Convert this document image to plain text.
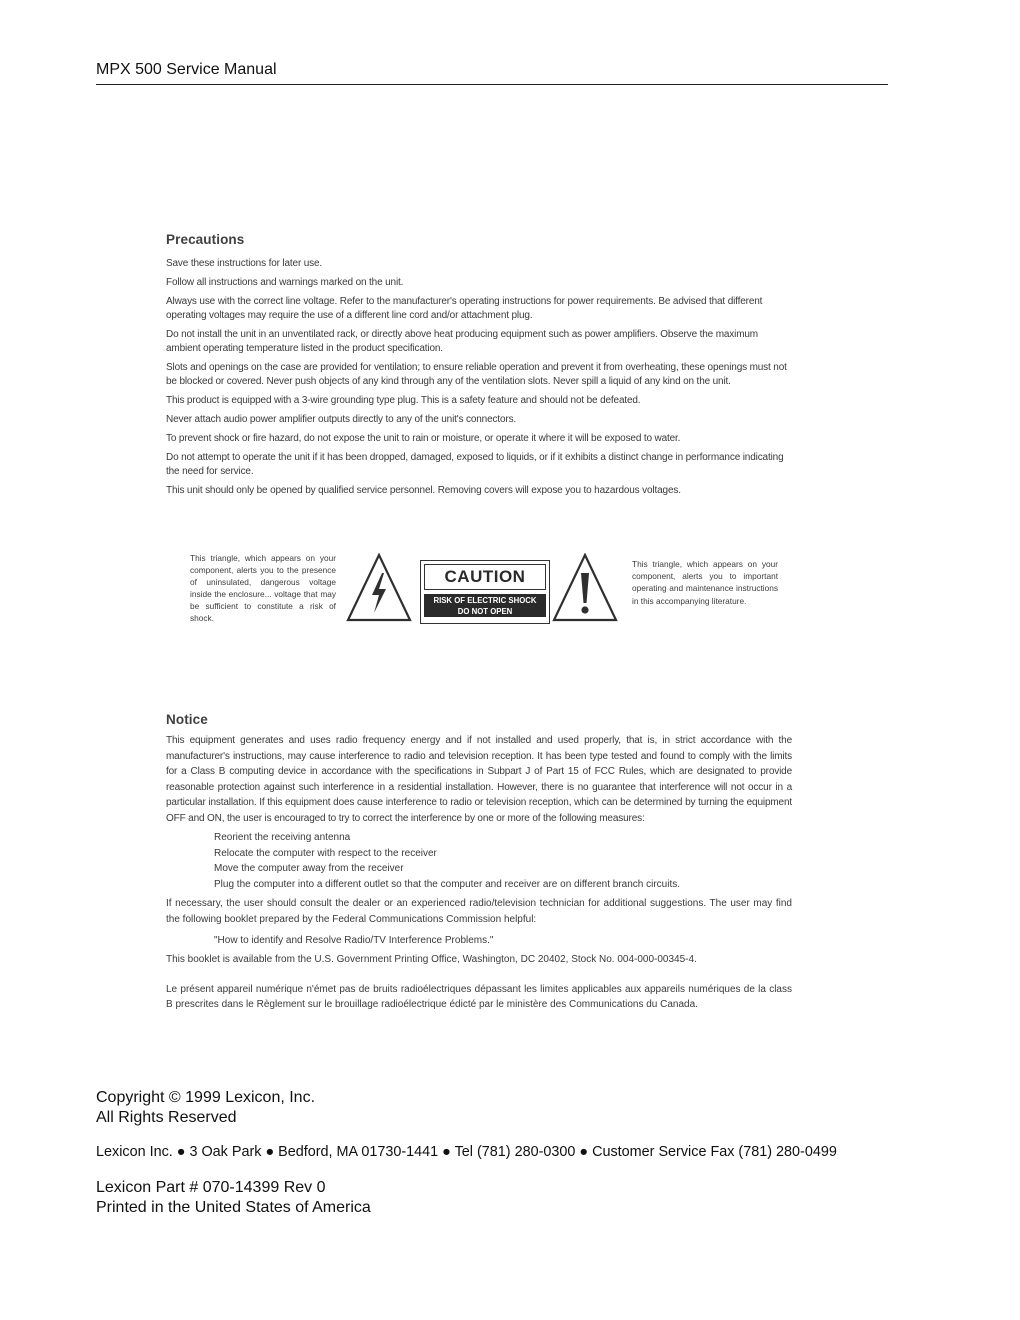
MPX 500 Service Manual
Precautions

Save these instructions for later use.

Follow all instructions and warnings marked on the unit.

Always use with the correct line voltage. Refer to the manufacturer's operating instructions for power requirements. Be advised that different operating voltages may require the use of a different line cord and/or attachment plug.

Do not install the unit in an unventilated rack, or directly above heat producing equipment such as power amplifiers. Observe the maximum ambient operating temperature listed in the product specification.

Slots and openings on the case are provided for ventilation; to ensure reliable operation and prevent it from overheating, these openings must not be blocked or covered. Never push objects of any kind through any of the ventilation slots. Never spill a liquid of any kind on the unit.

This product is equipped with a 3-wire grounding type plug. This is a safety feature and should not be defeated.

Never attach audio power amplifier outputs directly to any of the unit's connectors.

To prevent shock or fire hazard, do not expose the unit to rain or moisture, or operate it where it will be exposed to water.

Do not attempt to operate the unit if it has been dropped, damaged, exposed to liquids, or if it exhibits a distinct change in performance indicating the need for service.

This unit should only be opened by qualified service personnel. Removing covers will expose you to hazardous voltages.

This triangle, which appears on your component, alerts you to the presence of uninsulated, dangerous voltage inside the enclosure... voltage that may be sufficient to constitute a risk of shock.
CAUTION
RISK OF ELECTRIC SHOCK
DO NOT OPEN
This triangle, which appears on your component, alerts you to important operating and maintenance instructions in this accompanying literature.
Notice

This equipment generates and uses radio frequency energy and if not installed and used properly, that is, in strict accordance with the manufacturer's instructions, may cause interference to radio and television reception. It has been type tested and found to comply with the limits for a Class B computing device in accordance with the specifications in Subpart J of Part 15 of FCC Rules, which are designated to provide reasonable protection against such interference in a residential installation. However, there is no guarantee that interference will not occur in a particular installation. If this equipment does cause interference to radio or television reception, which can be determined by turning the equipment OFF and ON, the user is encouraged to try to correct the interference by one or more of the following measures:

Reorient the receiving antenna
Relocate the computer with respect to the receiver
Move the computer away from the receiver
Plug the computer into a different outlet so that the computer and receiver are on different branch circuits.

If necessary, the user should consult the dealer or an experienced radio/television technician for additional suggestions. The user may find the following booklet prepared by the Federal Communications Commission helpful:

"How to identify and Resolve Radio/TV Interference Problems."

This booklet is available from the U.S. Government Printing Office, Washington, DC 20402, Stock No. 004-000-00345-4.

Le présent appareil numérique n'émet pas de bruits radioélectriques dépassant les limites applicables aux appareils numériques de la class B prescrites dans le Règlement sur le brouillage radioélectrique édicté par le ministère des Communications du Canada.
Copyright © 1999 Lexicon, Inc.
All Rights Reserved
Lexicon Inc. ● 3 Oak Park ● Bedford, MA 01730-1441 ● Tel (781) 280-0300 ● Customer Service Fax (781) 280-0499
Lexicon Part # 070-14399 Rev 0
Printed in the United States of America
